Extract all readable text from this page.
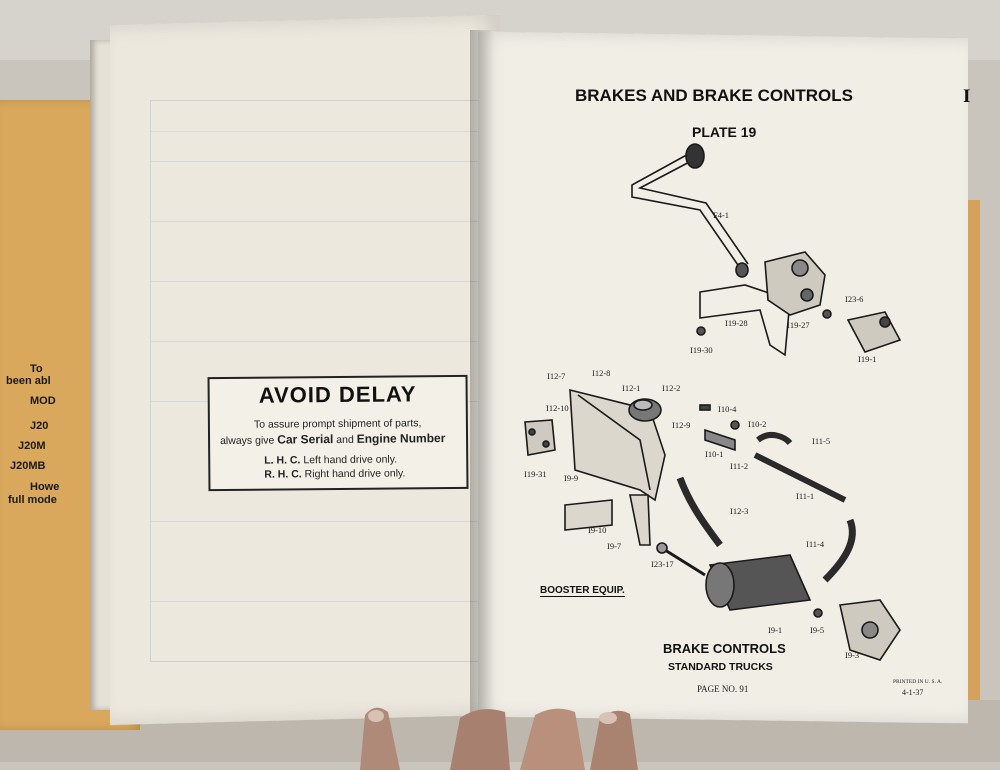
To
been abl
MOD
J20
J20M
J20MB
Howe
full mode
AVOID DELAY
To assure prompt shipment of parts,
always give Car Serial and Engine Number
L. H. C. Left hand drive only.
R. H. C. Right hand drive only.
BRAKES AND BRAKE CONTROLS	I
PLATE 19
F4-1
I23-6
I19-28	I19-27
I19-30
I19-1
I12-7	I12-8
I12-1	I12-2
I12-10	I10-4
I10-2
I12-9
I11-5
I10-1
I11-2
I19-31 I9-9
I11-1
I12-3
I9-10
I11-4
I9-7
I23-17
I9-1	I9-5
I9-3
BOOSTER EQUIP.
BRAKE CONTROLS
STANDARD TRUCKS
PAGE NO. 91
PRINTED IN U. S. A.
4-1-37
